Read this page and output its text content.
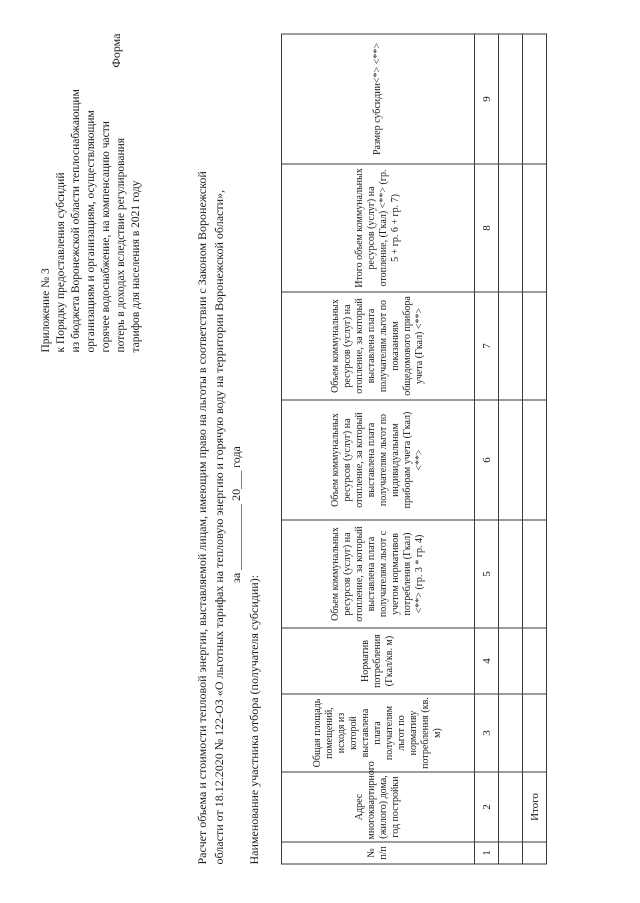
Приложение № 3 к Порядку предоставления субсидий из бюджета Воронежской области теплоснабжающим организациям и организациям, осуществляющим горячее водоснабжение, на компенсацию части потерь в доходах вследствие регулирования тарифов для населения в 2021 году
Форма
Расчет объема и стоимости тепловой энергии, выставляемой лицам, имеющим право на льготы в соответствии с Законом Воронежской области от 18.12.2020 № 122-ОЗ «О льготных тарифах на тепловую энергию и горячую воду на территории Воронежской области», за ___________ 20___ года
Наименование участника отбора (получателя субсидии):	№ п/п	Адрес многоквартирного (жилого) дома, год постройки	Общая площадь помещений, исходя из которой выставлена плата получателям льгот по нормативу потребления (кв. м)	Норматив потребления (Гкал/кв. м)	Объем коммунальных ресурсов (услуг) на отопление, за который выставлена плата получателям льгот с учетом нормативов потребления (Гкал) <**> (гр. 3 * гр. 4)	Объем коммунальных ресурсов (услуг) на отопление, за который выставлена плата получателям льгот по индивидуальным приборам учета (Гкал) <**>	Объем коммунальных ресурсов (услуг) на отопление, за который выставлена плата получателям льгот по показаниям общедомового прибора учета (Гкал) <**>	Итого объем коммунальных ресурсов (услуг) на отопление, (Гкал) <**> (гр. 5 + гр. 6 + гр. 7)	Размер субсидии<*> <**>
1	2	3	4	5	6	7	8	9

	Итого							
